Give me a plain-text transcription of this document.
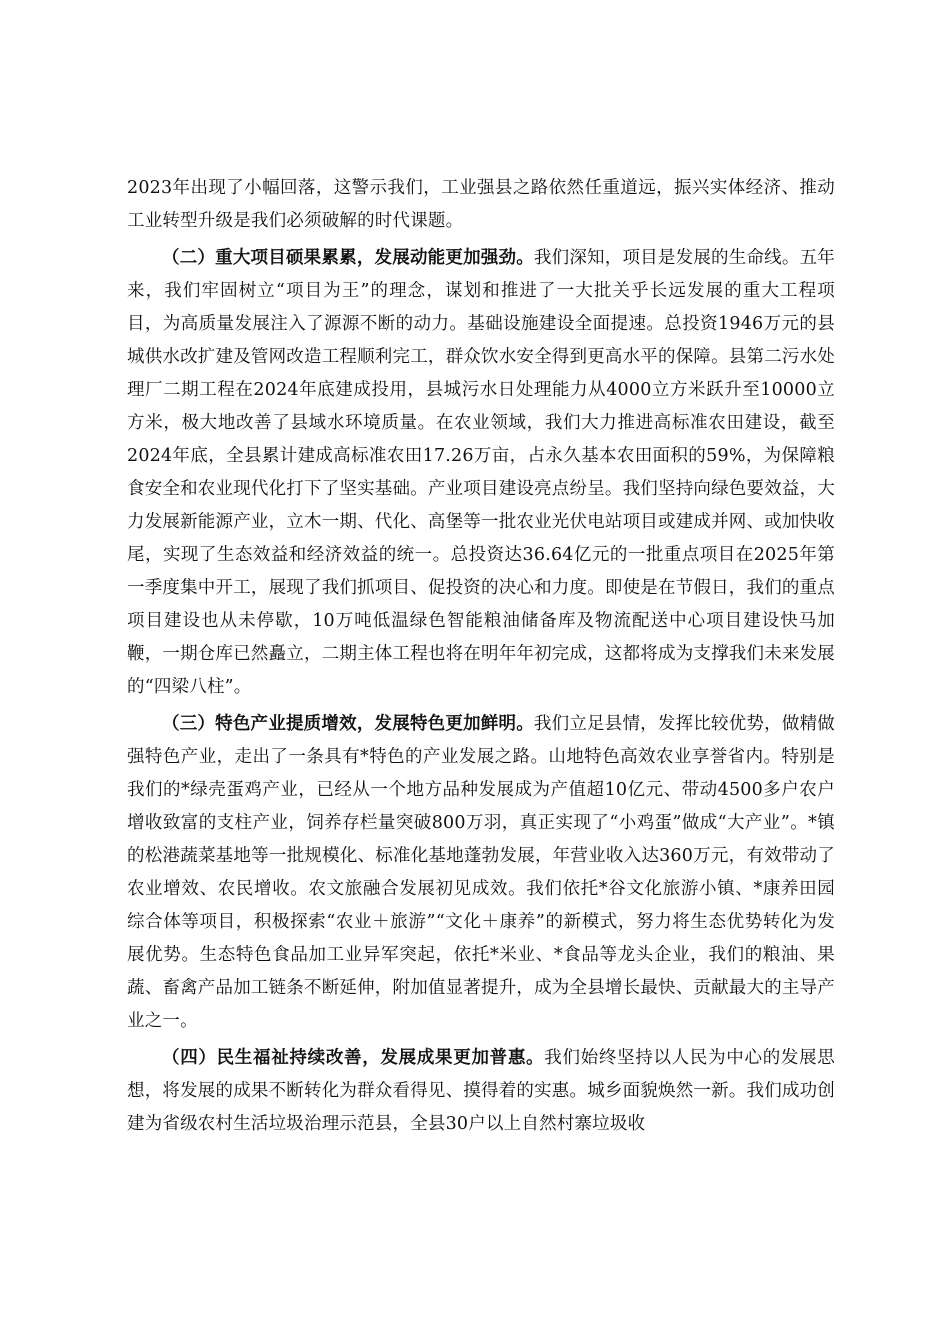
2023年出现了小幅回落，这警示我们，工业强县之路依然任重道远，振兴实体经济、推动工业转型升级是我们必须破解的时代课题。

（二）重大项目硕果累累，发展动能更加强劲。我们深知，项目是发展的生命线。五年来，我们牢固树立“项目为王”的理念，谋划和推进了一大批关乎长远发展的重大工程项目，为高质量发展注入了源源不断的动力。基础设施建设全面提速。总投资1946万元的县城供水改扩建及管网改造工程顺利完工，群众饮水安全得到更高水平的保障。县第二污水处理厂二期工程在2024年底建成投用，县城污水日处理能力从4000立方米跃升至10000立方米，极大地改善了县域水环境质量。在农业领域，我们大力推进高标准农田建设，截至2024年底，全县累计建成高标准农田17.26万亩，占永久基本农田面积的59%，为保障粮食安全和农业现代化打下了坚实基础。产业项目建设亮点纷呈。我们坚持向绿色要效益，大力发展新能源产业，立木一期、代化、高堡等一批农业光伏电站项目或建成并网、或加快收尾，实现了生态效益和经济效益的统一。总投资达36.64亿元的一批重点项目在2025年第一季度集中开工，展现了我们抓项目、促投资的决心和力度。即使是在节假日，我们的重点项目建设也从未停歇，10万吨低温绿色智能粮油储备库及物流配送中心项目建设快马加鞭，一期仓库已然矗立，二期主体工程也将在明年年初完成，这都将成为支撑我们未来发展的“四梁八柱”。

（三）特色产业提质增效，发展特色更加鲜明。我们立足县情，发挥比较优势，做精做强特色产业，走出了一条具有*特色的产业发展之路。山地特色高效农业享誉省内。特别是我们的*绿壳蛋鸡产业，已经从一个地方品种发展成为产值超10亿元、带动4500多户农户增收致富的支柱产业，饲养存栏量突破800万羽，真正实现了“小鸡蛋”做成“大产业”。*镇的松港蔬菜基地等一批规模化、标准化基地蓬勃发展，年营业收入达360万元，有效带动了农业增效、农民增收。农文旅融合发展初见成效。我们依托*谷文化旅游小镇、*康养田园综合体等项目，积极探索“农业＋旅游”“文化＋康养”的新模式，努力将生态优势转化为发展优势。生态特色食品加工业异军突起，依托*米业、*食品等龙头企业，我们的粮油、果蔬、畜禽产品加工链条不断延伸，附加值显著提升，成为全县增长最快、贡献最大的主导产业之一。

（四）民生福祉持续改善，发展成果更加普惠。我们始终坚持以人民为中心的发展思想，将发展的成果不断转化为群众看得见、摸得着的实惠。城乡面貌焕然一新。我们成功创建为省级农村生活垃圾治理示范县，全县30户以上自然村寨垃圾收
